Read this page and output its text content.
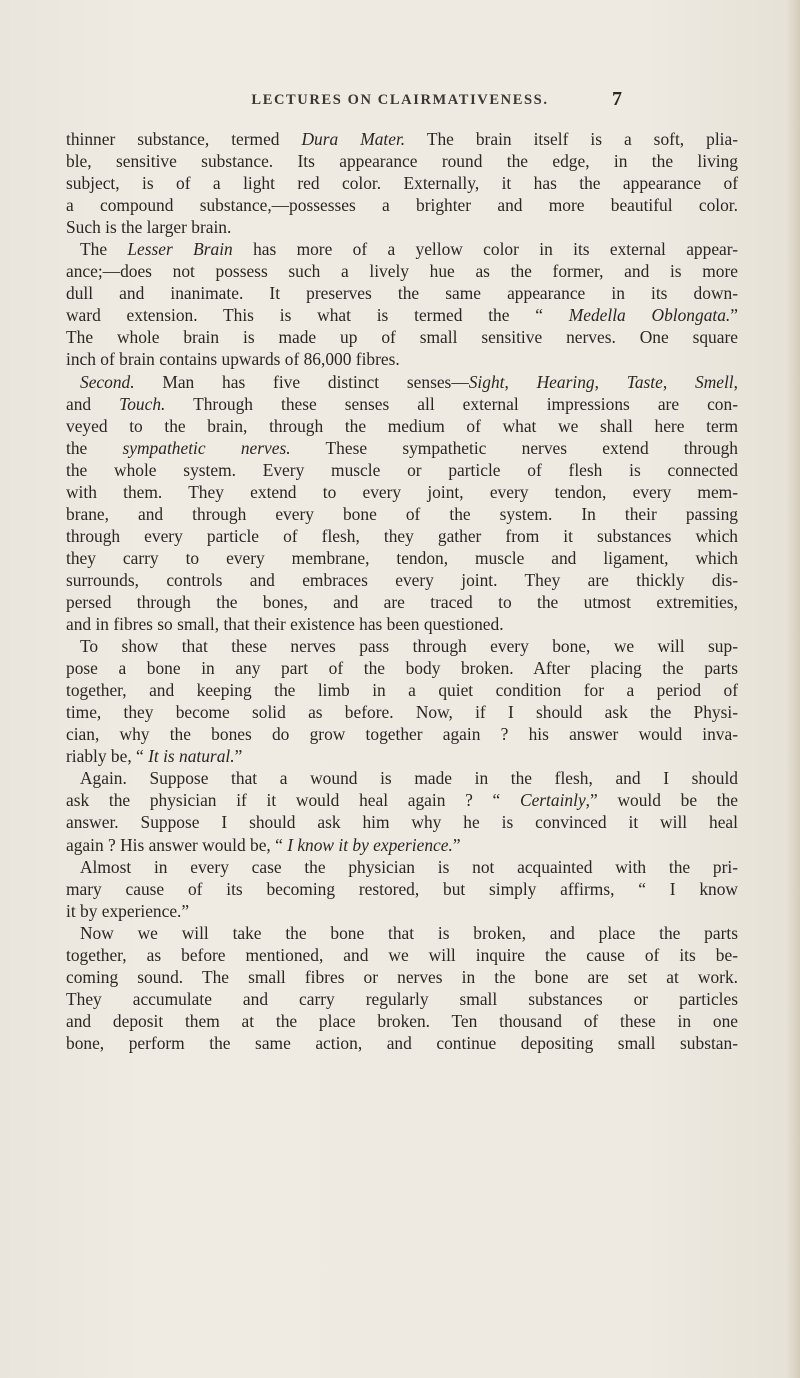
LECTURES ON CLAIRMATIVENESS.	7
thinner substance, termed Dura Mater. The brain itself is a soft, plia-
ble, sensitive substance. Its appearance round the edge, in the living
subject, is of a light red color. Externally, it has the appearance of
a compound substance,—possesses a brighter and more beautiful color.
Such is the larger brain.
The Lesser Brain has more of a yellow color in its external appear-
ance;—does not possess such a lively hue as the former, and is more
dull and inanimate. It preserves the same appearance in its down-
ward extension. This is what is termed the “ Medella Oblongata.”
The whole brain is made up of small sensitive nerves. One square
inch of brain contains upwards of 86,000 fibres.
Second. Man has five distinct senses—Sight, Hearing, Taste, Smell,
and Touch. Through these senses all external impressions are con-
veyed to the brain, through the medium of what we shall here term
the sympathetic nerves. These sympathetic nerves extend through
the whole system. Every muscle or particle of flesh is connected
with them. They extend to every joint, every tendon, every mem-
brane, and through every bone of the system. In their passing
through every particle of flesh, they gather from it substances which
they carry to every membrane, tendon, muscle and ligament, which
surrounds, controls and embraces every joint. They are thickly dis-
persed through the bones, and are traced to the utmost extremities,
and in fibres so small, that their existence has been questioned.
To show that these nerves pass through every bone, we will sup-
pose a bone in any part of the body broken. After placing the parts
together, and keeping the limb in a quiet condition for a period of
time, they become solid as before. Now, if I should ask the Physi-
cian, why the bones do grow together again ? his answer would inva-
riably be, “ It is natural.”
Again. Suppose that a wound is made in the flesh, and I should
ask the physician if it would heal again ? “ Certainly,” would be the
answer. Suppose I should ask him why he is convinced it will heal
again ? His answer would be, “ I know it by experience.”
Almost in every case the physician is not acquainted with the pri-
mary cause of its becoming restored, but simply affirms, “ I know
it by experience.”
Now we will take the bone that is broken, and place the parts
together, as before mentioned, and we will inquire the cause of its be-
coming sound. The small fibres or nerves in the bone are set at work.
They accumulate and carry regularly small substances or particles
and deposit them at the place broken. Ten thousand of these in one
bone, perform the same action, and continue depositing small substan-
